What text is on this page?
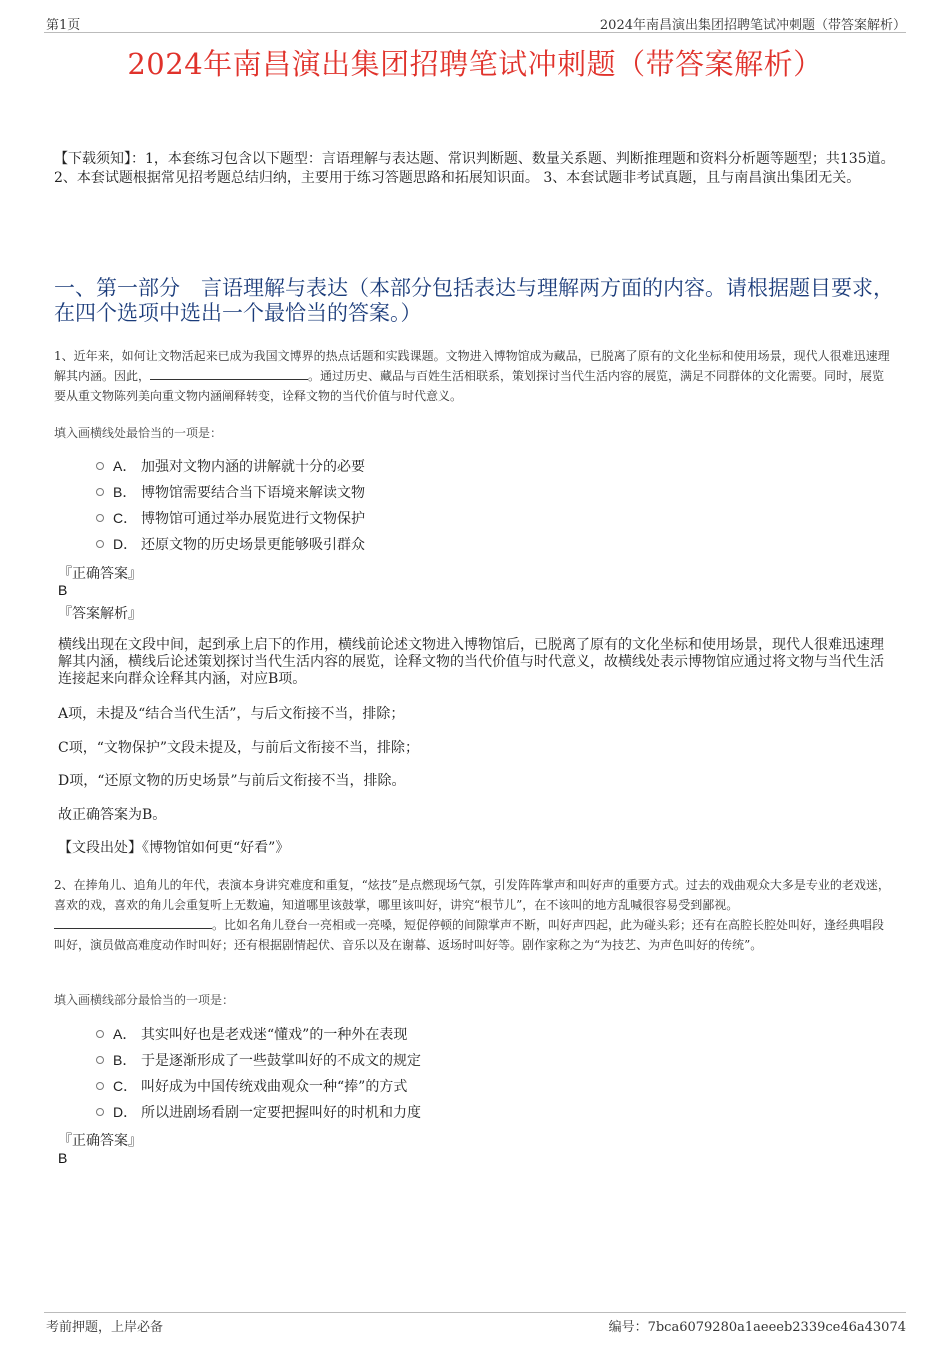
第1页	2024年南昌演出集团招聘笔试冲刺题（带答案解析）
2024年南昌演出集团招聘笔试冲刺题（带答案解析）
【下载须知】：1，本套练习包含以下题型：言语理解与表达题、常识判断题、数量关系题、判断推理题和资料分析题等题型；共135道。 2、本套试题根据常见招考题总结归纳，主要用于练习答题思路和拓展知识面。 3、本套试题非考试真题，且与南昌演出集团无关。
一、第一部分　言语理解与表达（本部分包括表达与理解两方面的内容。请根据题目要求，在四个选项中选出一个最恰当的答案。）
1、近年来，如何让文物活起来已成为我国文博界的热点话题和实践课题。文物进入博物馆成为藏品，已脱离了原有的文化坐标和使用场景，现代人很难迅速理解其内涵。因此，	。通过历史、藏品与百姓生活相联系，策划探讨当代生活内容的展览，满足不同群体的文化需要。同时，展览要从重文物陈列美向重文物内涵阐释转变，诠释文物的当代价值与时代意义。
填入画横线处最恰当的一项是：
A． 加强对文物内涵的讲解就十分的必要
B． 博物馆需要结合当下语境来解读文物
C． 博物馆可通过举办展览进行文物保护
D． 还原文物的历史场景更能够吸引群众
『正确答案』
B
『答案解析』
横线出现在文段中间，起到承上启下的作用，横线前论述文物进入博物馆后，已脱离了原有的文化坐标和使用场景，现代人很难迅速理解其内涵，横线后论述策划探讨当代生活内容的展览，诠释文物的当代价值与时代意义，故横线处表示博物馆应通过将文物与当代生活连接起来向群众诠释其内涵，对应B项。
A项，未提及“结合当代生活”，与后文衔接不当，排除；
C项，“文物保护”文段未提及，与前后文衔接不当，排除；
D项，“还原文物的历史场景”与前后文衔接不当，排除。
故正确答案为B。
【文段出处】《博物馆如何更“好看”》
2、在捧角儿、追角儿的年代，表演本身讲究难度和重复，“炫技”是点燃现场气氛，引发阵阵掌声和叫好声的重要方式。过去的戏曲观众大多是专业的老戏迷，喜欢的戏，喜欢的角儿会重复听上无数遍，知道哪里该鼓掌，哪里该叫好，讲究“根节儿”，在不该叫的地方乱喊很容易受到鄙视。。比如名角儿登台一亮相或一亮嗓，短促停顿的间隙掌声不断，叫好声四起，此为碰头彩；还有在高腔长腔处叫好，逢经典唱段叫好，演员做高难度动作时叫好；还有根据剧情起伏、音乐以及在谢幕、返场时叫好等。剧作家称之为“为技艺、为声色叫好的传统”。
填入画横线部分最恰当的一项是：
A． 其实叫好也是老戏迷“懂戏”的一种外在表现
B． 于是逐渐形成了一些鼓掌叫好的不成文的规定
C． 叫好成为中国传统戏曲观众一种“捧”的方式
D． 所以进剧场看剧一定要把握叫好的时机和力度
『正确答案』
B
考前押题，上岸必备	编号：7bca6079280a1aeeeb2339ce46a43074
